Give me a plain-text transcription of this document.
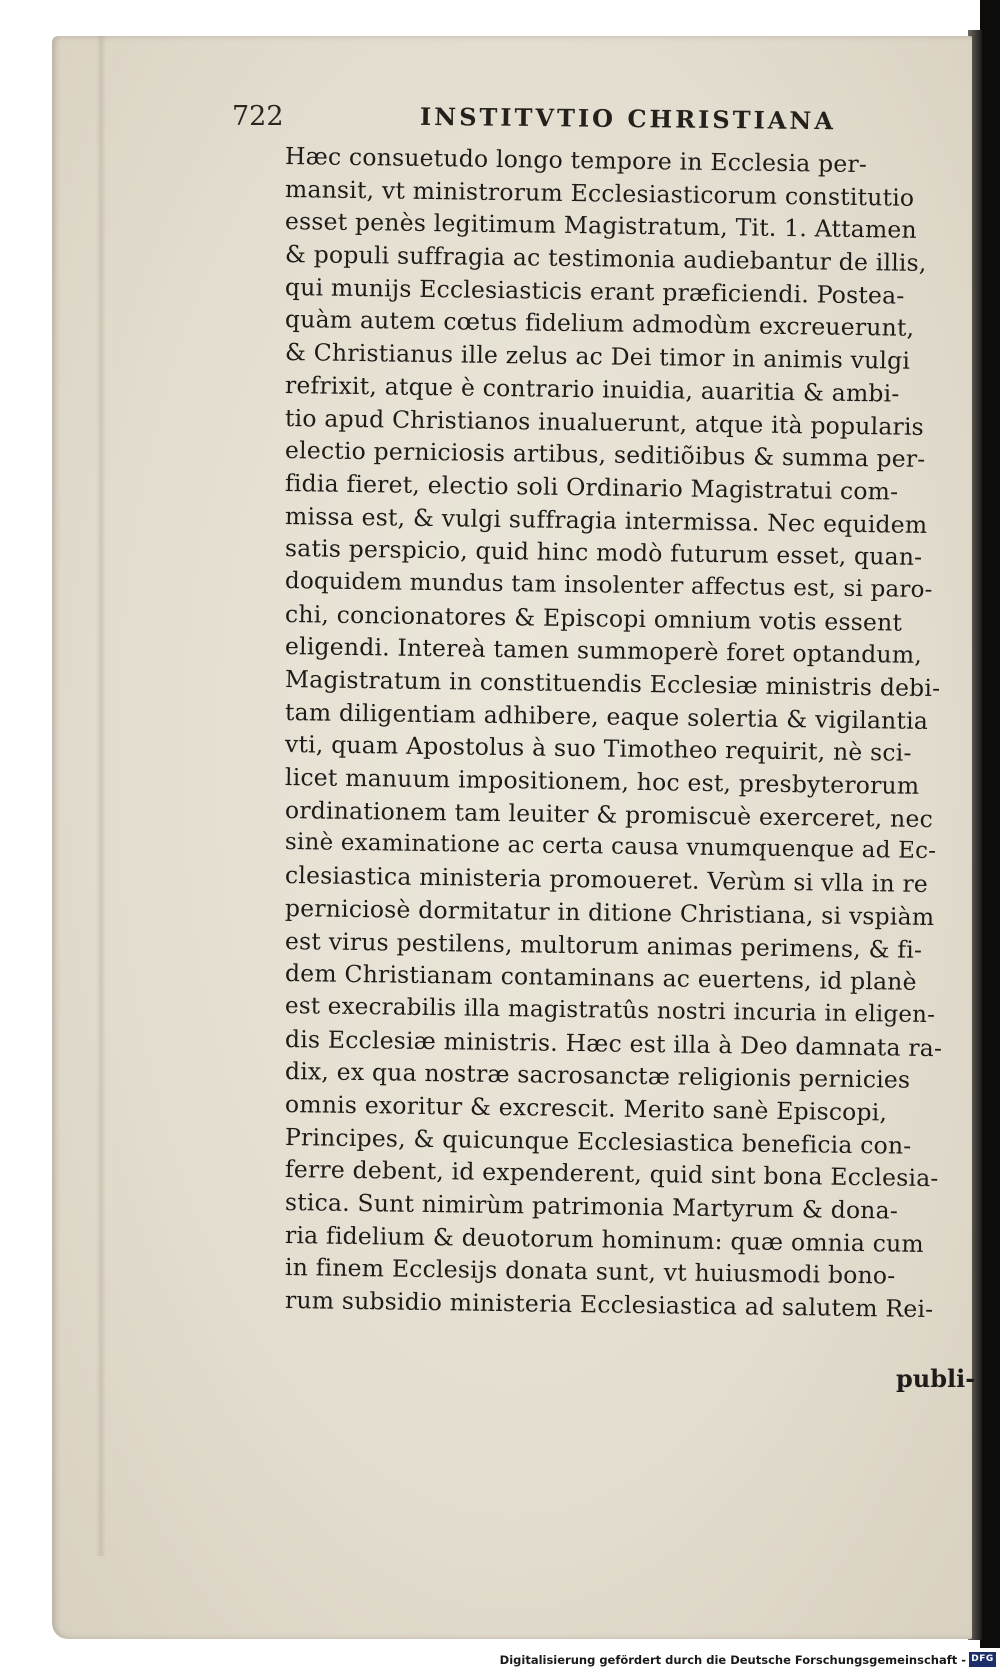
722	INSTITVTIO CHRISTIANA

Hæc consuetudo longo tempore in Ecclesia per-
mansit, vt ministrorum Ecclesiasticorum constitutio
esset penès legitimum Magistratum, Tit. 1. Attamen
& populi suffragia ac testimonia audiebantur de illis,
qui munijs Ecclesiasticis erant præficiendi. Postea-
quàm autem cœtus fidelium admodùm excreuerunt,
& Christianus ille zelus ac Dei timor in animis vulgi
refrixit, atque è contrario inuidia, auaritia & ambi-
tio apud Christianos inualuerunt, atque ità popularis
electio perniciosis artibus, seditiõibus & summa per-
fidia fieret, electio soli Ordinario Magistratui com-
missa est, & vulgi suffragia intermissa. Nec equidem
satis perspicio, quid hinc modò futurum esset, quan-
doquidem mundus tam insolenter affectus est, si paro-
chi, concionatores & Episcopi omnium votis essent
eligendi. Intereà tamen summoperè foret optandum,
Magistratum in constituendis Ecclesiæ ministris debi-
tam diligentiam adhibere, eaque solertia & vigilantia
vti, quam Apostolus à suo Timotheo requirit, nè sci-
licet manuum impositionem, hoc est, presbyterorum
ordinationem tam leuiter & promiscuè exerceret, nec
sinè examinatione ac certa causa vnumquenque ad Ec-
clesiastica ministeria promoueret. Verùm si vlla in re
perniciosè dormitatur in ditione Christiana, si vspiàm
est virus pestilens, multorum animas perimens, & fi-
dem Christianam contaminans ac euertens, id planè
est execrabilis illa magistratûs nostri incuria in eligen-
dis Ecclesiæ ministris. Hæc est illa à Deo damnata ra-
dix, ex qua nostræ sacrosanctæ religionis pernicies
omnis exoritur & excrescit. Merito sanè Episcopi,
Principes, & quicunque Ecclesiastica beneficia con-
ferre debent, id expenderent, quid sint bona Ecclesia-
stica. Sunt nimirùm patrimonia Martyrum & dona-
ria fidelium & deuotorum hominum: quæ omnia cum
in finem Ecclesijs donata sunt, vt huiusmodi bono-
rum subsidio ministeria Ecclesiastica ad salutem Rei-

publi-

Digitalisierung gefördert durch die Deutsche Forschungsgemeinschaft - DFG
